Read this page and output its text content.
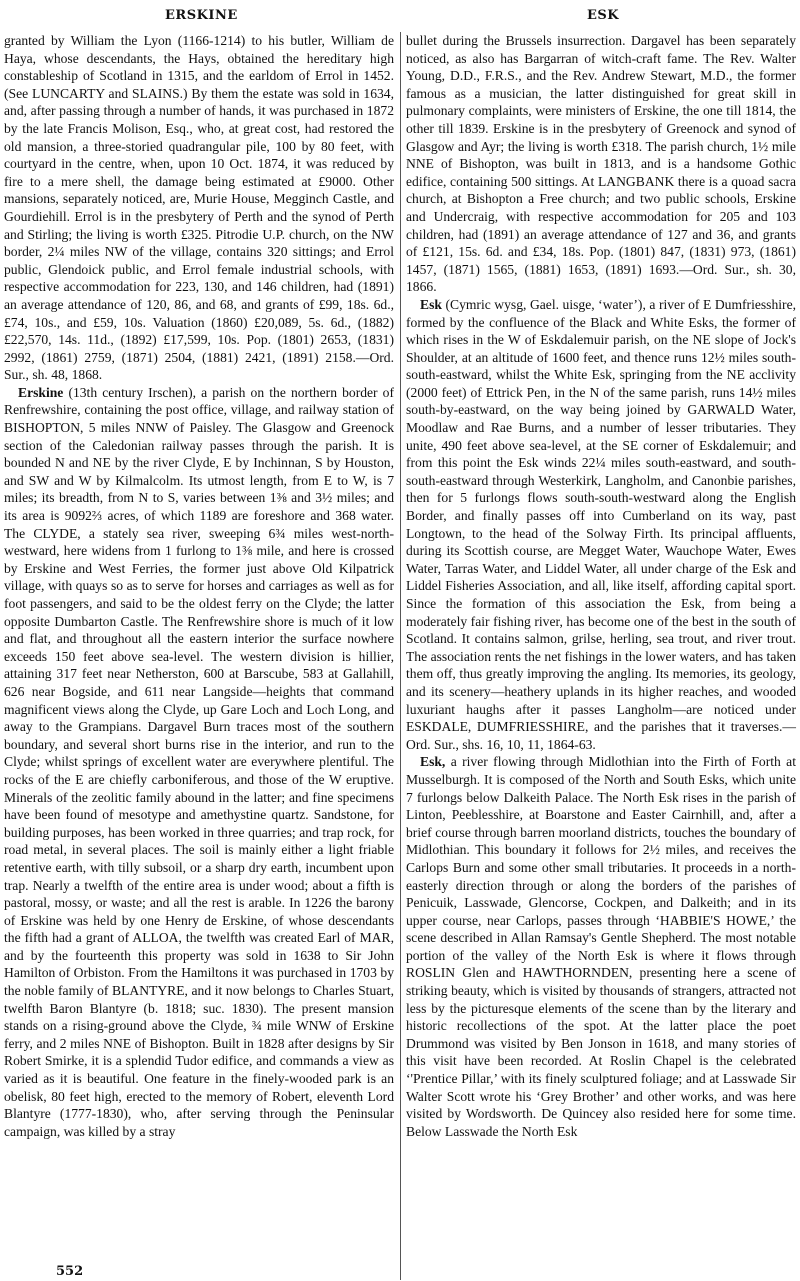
ERSKINE	ESK

granted by William the Lyon (1166-1214) to his butler, William de Haya, whose descendants, the Hays, obtained the hereditary high constableship of Scotland in 1315, and the earldom of Errol in 1452. (See LUNCARTY and SLAINS.) By them the estate was sold in 1634, and, after passing through a number of hands, it was purchased in 1872 by the late Francis Molison, Esq., who, at great cost, had restored the old mansion, a three-storied quadrangular pile, 100 by 80 feet, with courtyard in the centre, when, upon 10 Oct. 1874, it was reduced by fire to a mere shell, the damage being estimated at £9000. Other mansions, separately noticed, are, Murie House, Megginch Castle, and Gourdiehill. Errol is in the presbytery of Perth and the synod of Perth and Stirling; the living is worth £325. Pitrodie U.P. church, on the NW border, 2¼ miles NW of the village, contains 320 sittings; and Errol public, Glendoick public, and Errol female industrial schools, with respective accommodation for 223, 130, and 146 children, had (1891) an average attendance of 120, 86, and 68, and grants of £99, 18s. 6d., £74, 10s., and £59, 10s. Valuation (1860) £20,089, 5s. 6d., (1882) £22,570, 14s. 11d., (1892) £17,599, 10s. Pop. (1801) 2653, (1831) 2992, (1861) 2759, (1871) 2504, (1881) 2421, (1891) 2158.—Ord. Sur., sh. 48, 1868.

Erskine (13th century Irschen), a parish on the northern border of Renfrewshire, containing the post office, village, and railway station of BISHOPTON, 5 miles NNW of Paisley. The Glasgow and Greenock section of the Caledonian railway passes through the parish. It is bounded N and NE by the river Clyde, E by Inchinnan, S by Houston, and SW and W by Kilmalcolm. Its utmost length, from E to W, is 7 miles; its breadth, from N to S, varies between 1⅜ and 3½ miles; and its area is 9092⅔ acres, of which 1189 are foreshore and 368 water. The CLYDE, a stately sea river, sweeping 6¾ miles west-north-westward, here widens from 1 furlong to 1⅜ mile, and here is crossed by Erskine and West Ferries, the former just above Old Kilpatrick village, with quays so as to serve for horses and carriages as well as for foot passengers, and said to be the oldest ferry on the Clyde; the latter opposite Dumbarton Castle. The Renfrewshire shore is much of it low and flat, and throughout all the eastern interior the surface nowhere exceeds 150 feet above sea-level. The western division is hillier, attaining 317 feet near Netherston, 600 at Barscube, 583 at Gallahill, 626 near Bogside, and 611 near Langside—heights that command magnificent views along the Clyde, up Gare Loch and Loch Long, and away to the Grampians. Dargavel Burn traces most of the southern boundary, and several short burns rise in the interior, and run to the Clyde; whilst springs of excellent water are everywhere plentiful. The rocks of the E are chiefly carboniferous, and those of the W eruptive. Minerals of the zeolitic family abound in the latter; and fine specimens have been found of mesotype and amethystine quartz. Sandstone, for building purposes, has been worked in three quarries; and trap rock, for road metal, in several places. The soil is mainly either a light friable retentive earth, with tilly subsoil, or a sharp dry earth, incumbent upon trap. Nearly a twelfth of the entire area is under wood; about a fifth is pastoral, mossy, or waste; and all the rest is arable. In 1226 the barony of Erskine was held by one Henry de Erskine, of whose descendants the fifth had a grant of ALLOA, the twelfth was created Earl of MAR, and by the fourteenth this property was sold in 1638 to Sir John Hamilton of Orbiston. From the Hamiltons it was purchased in 1703 by the noble family of BLANTYRE, and it now belongs to Charles Stuart, twelfth Baron Blantyre (b. 1818; suc. 1830). The present mansion stands on a rising-ground above the Clyde, ¾ mile WNW of Erskine ferry, and 2 miles NNE of Bishopton. Built in 1828 after designs by Sir Robert Smirke, it is a splendid Tudor edifice, and commands a view as varied as it is beautiful. One feature in the finely-wooded park is an obelisk, 80 feet high, erected to the memory of Robert, eleventh Lord Blantyre (1777-1830), who, after serving through the Peninsular campaign, was killed by a stray

bullet during the Brussels insurrection. Dargavel has been separately noticed, as also has Bargarran of witch-craft fame. The Rev. Walter Young, D.D., F.R.S., and the Rev. Andrew Stewart, M.D., the former famous as a musician, the latter distinguished for great skill in pulmonary complaints, were ministers of Erskine, the one till 1814, the other till 1839. Erskine is in the presbytery of Greenock and synod of Glasgow and Ayr; the living is worth £318. The parish church, 1½ mile NNE of Bishopton, was built in 1813, and is a handsome Gothic edifice, containing 500 sittings. At LANGBANK there is a quoad sacra church, at Bishopton a Free church; and two public schools, Erskine and Undercraig, with respective accommodation for 205 and 103 children, had (1891) an average attendance of 127 and 36, and grants of £121, 15s. 6d. and £34, 18s. Pop. (1801) 847, (1831) 973, (1861) 1457, (1871) 1565, (1881) 1653, (1891) 1693.—Ord. Sur., sh. 30, 1866.

Esk (Cymric wysg, Gael. uisge, ‘water’), a river of E Dumfriesshire, formed by the confluence of the Black and White Esks, the former of which rises in the W of Eskdalemuir parish, on the NE slope of Jock's Shoulder, at an altitude of 1600 feet, and thence runs 12½ miles south-south-eastward, whilst the White Esk, springing from the NE acclivity (2000 feet) of Ettrick Pen, in the N of the same parish, runs 14½ miles south-by-eastward, on the way being joined by GARWALD Water, Moodlaw and Rae Burns, and a number of lesser tributaries. They unite, 490 feet above sea-level, at the SE corner of Eskdalemuir; and from this point the Esk winds 22¼ miles south-eastward, and south-south-eastward through Westerkirk, Langholm, and Canonbie parishes, then for 5 furlongs flows south-south-westward along the English Border, and finally passes off into Cumberland on its way, past Longtown, to the head of the Solway Firth. Its principal affluents, during its Scottish course, are Megget Water, Wauchope Water, Ewes Water, Tarras Water, and Liddel Water, all under charge of the Esk and Liddel Fisheries Association, and all, like itself, affording capital sport. Since the formation of this association the Esk, from being a moderately fair fishing river, has become one of the best in the south of Scotland. It contains salmon, grilse, herling, sea trout, and river trout. The association rents the net fishings in the lower waters, and has taken them off, thus greatly improving the angling. Its memories, its geology, and its scenery—heathery uplands in its higher reaches, and wooded luxuriant haughs after it passes Langholm—are noticed under ESKDALE, DUMFRIESSHIRE, and the parishes that it traverses.—Ord. Sur., shs. 16, 10, 11, 1864-63.

Esk, a river flowing through Midlothian into the Firth of Forth at Musselburgh. It is composed of the North and South Esks, which unite 7 furlongs below Dalkeith Palace. The North Esk rises in the parish of Linton, Peeblesshire, at Boarstone and Easter Cairnhill, and, after a brief course through barren moorland districts, touches the boundary of Midlothian. This boundary it follows for 2½ miles, and receives the Carlops Burn and some other small tributaries. It proceeds in a north-easterly direction through or along the borders of the parishes of Penicuik, Lasswade, Glencorse, Cockpen, and Dalkeith; and in its upper course, near Carlops, passes through ‘HABBIE'S HOWE,’ the scene described in Allan Ramsay's Gentle Shepherd. The most notable portion of the valley of the North Esk is where it flows through ROSLIN Glen and HAWTHORNDEN, presenting here a scene of striking beauty, which is visited by thousands of strangers, attracted not less by the picturesque elements of the scene than by the literary and historic recollections of the spot. At the latter place the poet Drummond was visited by Ben Jonson in 1618, and many stories of this visit have been recorded. At Roslin Chapel is the celebrated ‘'Prentice Pillar,’ with its finely sculptured foliage; and at Lasswade Sir Walter Scott wrote his ‘Grey Brother’ and other works, and was here visited by Wordsworth. De Quincey also resided here for some time. Below Lasswade the North Esk

552
